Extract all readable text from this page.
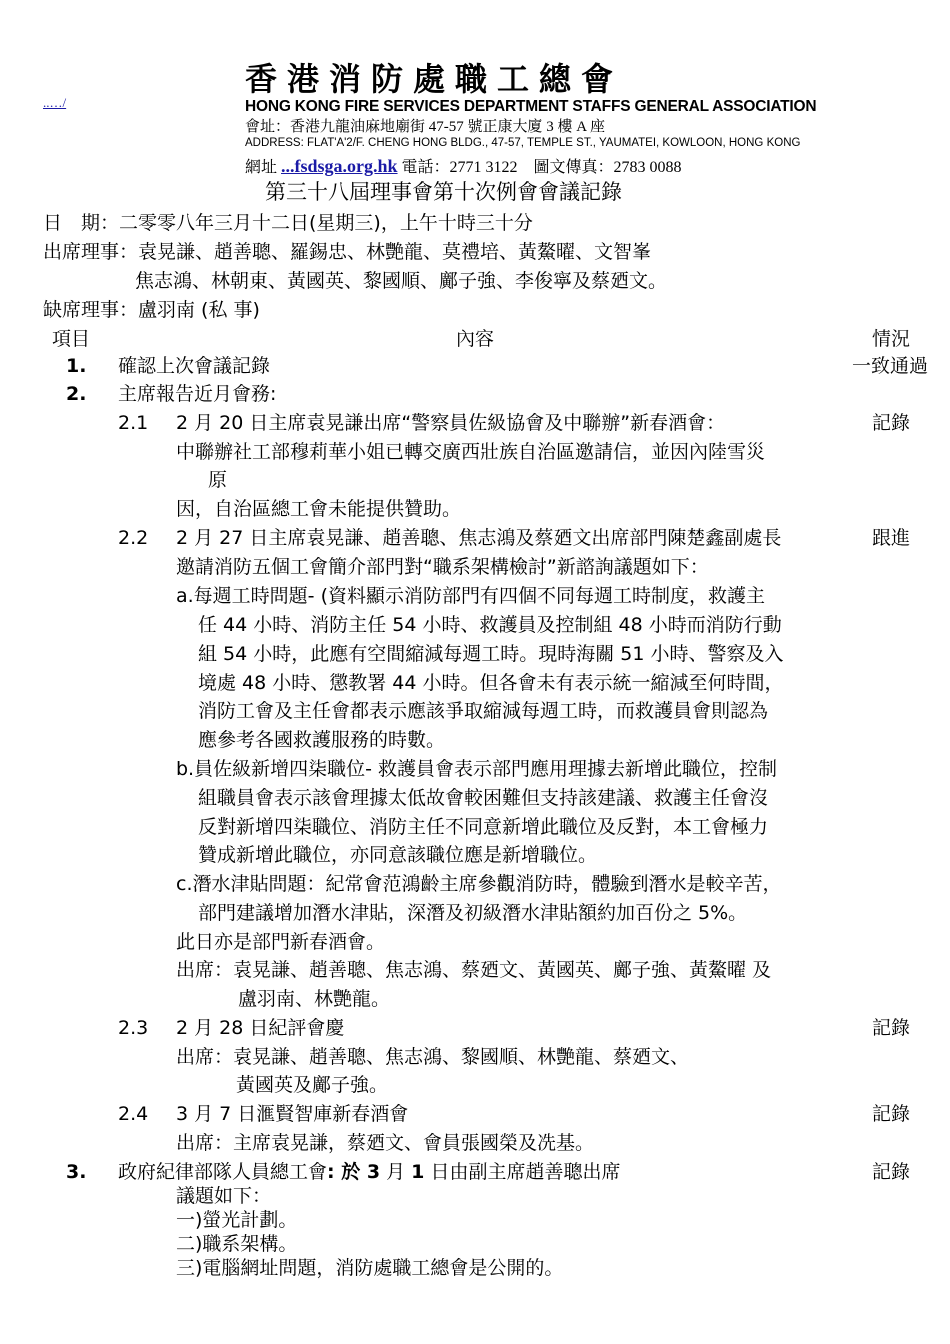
..…/
香港消防處職工總會
HONG KONG FIRE SERVICES DEPARTMENT STAFFS GENERAL ASSOCIATION
會址：香港九龍油麻地廟街 47-57 號正康大廈 3 樓 A 座
ADDRESS: FLAT'A'2/F. CHENG HONG BLDG., 47-57, TEMPLE ST., YAUMATEI, KOWLOON, HONG KONG
網址 ...fsdsga.org.hk 電話：2771 3122　圖文傳真：2783 0088
第三十八屆理事會第十次例會會議記錄
日　期：二零零八年三月十二日(星期三)，上午十時三十分
出席理事：袁晃謙、趙善聰、羅錫忠、林艷龍、莫禮培、黃鰲曜、文智峯
焦志鴻、林朝東、黃國英、黎國順、鄺子強、李俊寧及蔡廼文。
缺席理事：盧羽南 (私 事)
項目	內容	情況
1. 確認上次會議記錄	一致通過
2. 主席報告近月會務:
2.1 2 月 20 日主席袁晃謙出席“警察員佐級協會及中聯辦”新春酒會：	記錄
中聯辦社工部穆莉華小姐已轉交廣西壯族自治區邀請信，並因內陸雪災
原
因，自治區總工會未能提供贊助。
2.2 2 月 27 日主席袁晃謙、趙善聰、焦志鴻及蔡廼文出席部門陳楚鑫副處長	跟進
邀請消防五個工會簡介部門對“職系架構檢討”新諮詢議題如下：
a.每週工時問題- (資料顯示消防部門有四個不同每週工時制度，救護主
任 44 小時、消防主任 54 小時、救護員及控制組 48 小時而消防行動
組 54 小時，此應有空間縮減每週工時。現時海關 51 小時、警察及入
境處 48 小時、懲教署 44 小時。但各會未有表示統一縮減至何時間，
消防工會及主任會都表示應該爭取縮減每週工時，而救護員會則認為
應參考各國救護服務的時數。
b.員佐級新增四柒職位- 救護員會表示部門應用理據去新增此職位，控制
組職員會表示該會理據太低故會較困難但支持該建議、救護主任會沒
反對新增四柒職位、消防主任不同意新增此職位及反對，本工會極力
贊成新增此職位，亦同意該職位應是新增職位。
c.潛水津貼問題：紀常會范鴻齡主席參觀消防時，體驗到潛水是較辛苦，
部門建議增加潛水津貼，深潛及初級潛水津貼額約加百份之 5%。
此日亦是部門新春酒會。
出席：袁晃謙、趙善聰、焦志鴻、蔡廼文、黃國英、鄺子強、黃鰲曜 及
盧羽南、林艷龍。
2.3 2 月 28 日紀評會慶	記錄
出席：袁晃謙、趙善聰、焦志鴻、黎國順、林艷龍、蔡廼文、
黃國英及鄺子強。
2.4 3 月 7 日滙賢智庫新春酒會	記錄
出席：主席袁晃謙，蔡廼文、會員張國榮及冼基。
3. 政府紀律部隊人員總工會: 於 3 月 1 日由副主席趙善聰出席	記錄
議題如下：
一)螢光計劃。
二)職系架構。
三)電腦網址問題，消防處職工總會是公開的。
